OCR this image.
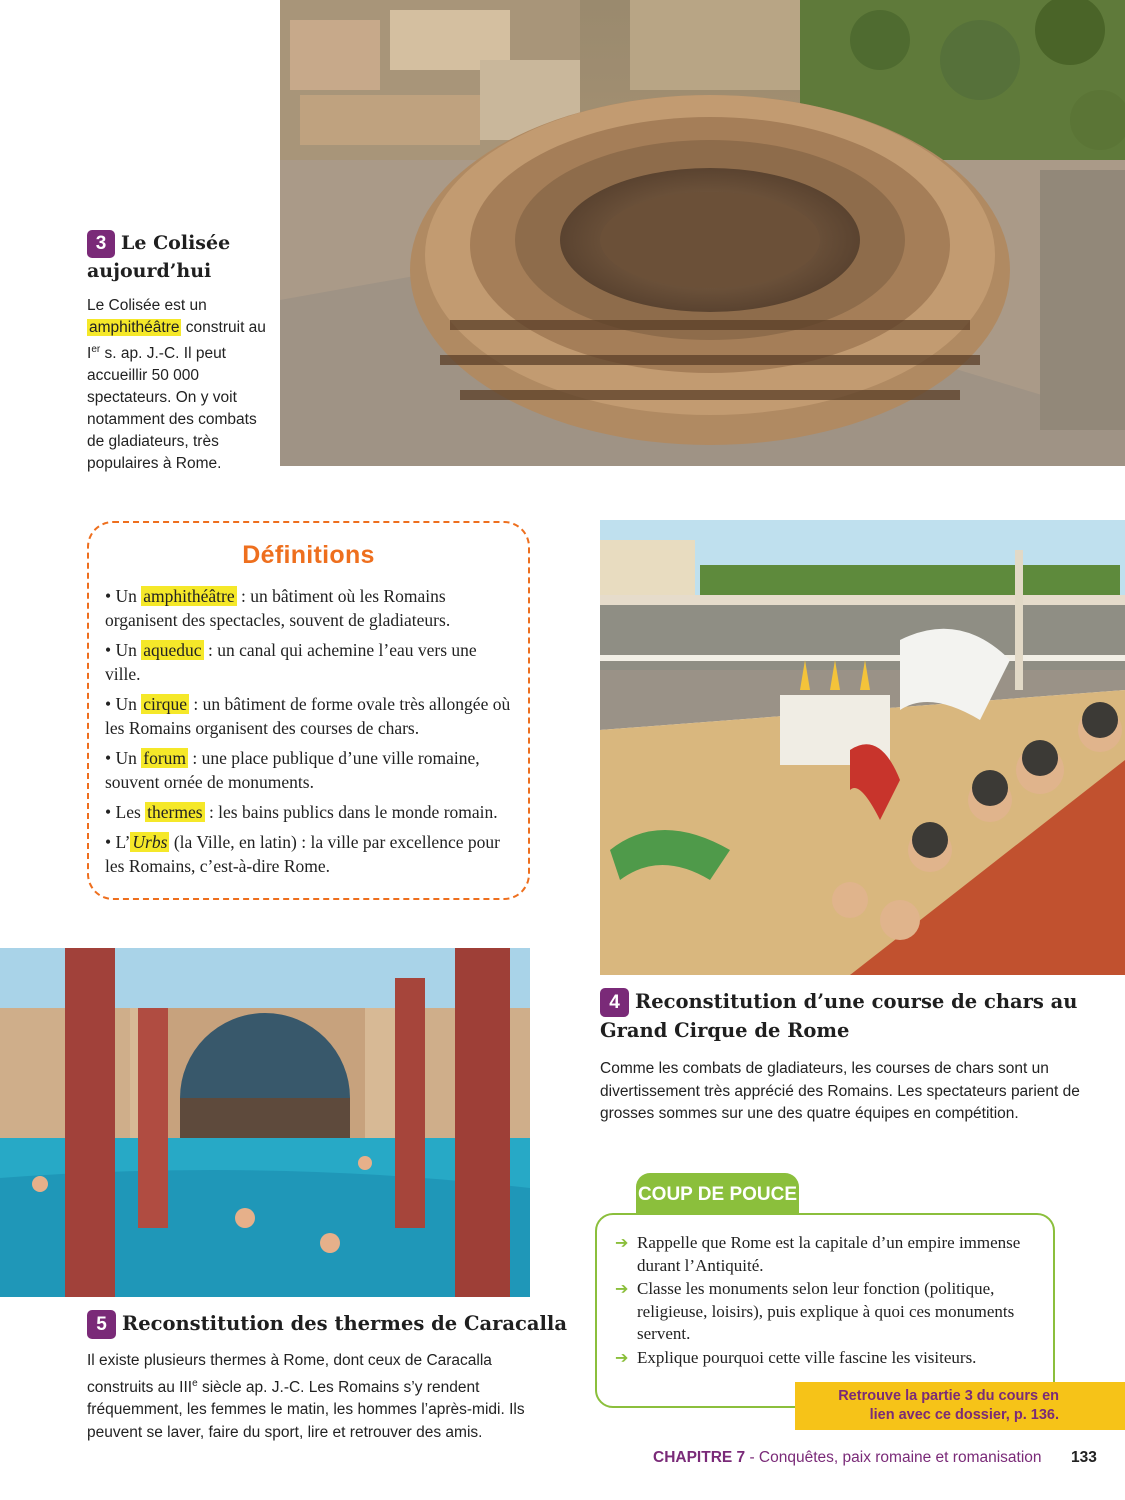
3 Le Colisée aujourd’hui
Le Colisée est un amphithéâtre construit au Ier s. ap. J.-C. Il peut accueillir 50 000 spectateurs. On y voit notamment des combats de gladiateurs, très populaires à Rome.
Définitions
• Un amphithéâtre : un bâtiment où les Romains organisent des spectacles, souvent de gladiateurs.
• Un aqueduc : un canal qui achemine l’eau vers une ville.
• Un cirque : un bâtiment de forme ovale très allongée où les Romains organisent des courses de chars.
• Un forum : une place publique d’une ville romaine, souvent ornée de monuments.
• Les thermes : les bains publics dans le monde romain.
• L’ Urbs (la Ville, en latin) : la ville par excellence pour les Romains, c’est-à-dire Rome.
4 Reconstitution d’une course de chars au Grand Cirque de Rome
Comme les combats de gladiateurs, les courses de chars sont un divertissement très apprécié des Romains. Les spectateurs parient de grosses sommes sur une des quatre équipes en compétition.
COUP DE POUCE
➔ Rappelle que Rome est la capitale d’un empire immense durant l’Antiquité.
➔ Classe les monuments selon leur fonction (politique, religieuse, loisirs), puis explique à quoi ces monuments servent.
➔ Explique pourquoi cette ville fascine les visiteurs.
Retrouve la partie 3 du cours en
lien avec ce dossier, p. 136.
5 Reconstitution des thermes de Caracalla
Il existe plusieurs thermes à Rome, dont ceux de Caracalla construits au IIIe siècle ap. J.-C. Les Romains s’y rendent fréquemment, les femmes le matin, les hommes l’après-midi. Ils peuvent se laver, faire du sport, lire et retrouver des amis.
CHAPITRE 7 - Conquêtes, paix romaine et romanisation 133
